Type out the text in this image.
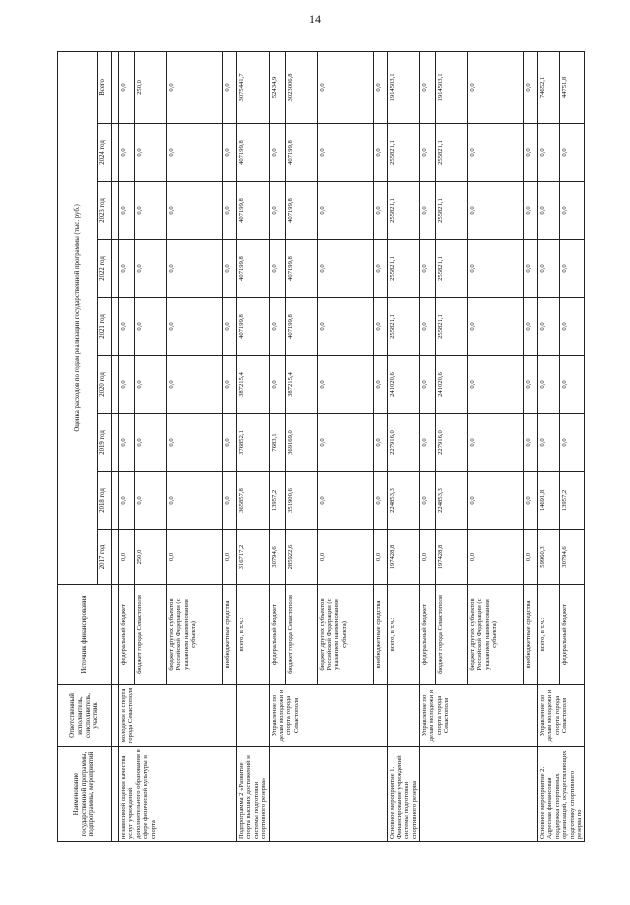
14
Наименование государственной программы, подпрограммы, мероприятий	Ответственный исполнитель, соисполнитель, участник	Источник финансирования	Оценка расходов по годам реализации государственной программы (тыс. руб.)								
			2017 год	2018 год	2019 год	2020 год	2021 год	2022 год	2023 год	2024 год	Всего

независимой оценки качества услуг учреждений дополнительного образования в сфере физической культуры и спорта	молодежи и спорта города Севастополя	федеральный бюджет	0,0	0,0	0,0	0,0	0,0	0,0	0,0	0,0	0,0
		бюджет города Севастополя	250,0	0,0	0,0	0,0	0,0	0,0	0,0	0,0	250,0
		бюджет других субъектов Российской Федерации (с указанием наименования субъекта)	0,0	0,0	0,0	0,0	0,0	0,0	0,0	0,0	0,0
		внебюджетные средства	0,0	0,0	0,0	0,0	0,0	0,0	0,0	0,0	0,0
Подпрограмма 2 «Развитие спорта высших достижений и системы подготовки спортивного резерва»		всего, в т.ч.:	316717,2	365857,8	376852,1	387215,4	407199,8	407199,8	407199,8	407199,8	3075441,7
	Управление по делам молодежи и спорта города Севастополя	федеральный бюджет	30794,6	13957,2	7683,1	0,0	0,0	0,0	0,0	0,0	52434,9
		бюджет города Севастополя	285922,6	351900,6	369169,0	387215,4	407199,8	407199,8	407199,8	407199,8	3023006,8
		бюджет других субъектов Российской Федерации (с указанием наименования субъекта)	0,0	0,0	0,0	0,0	0,0	0,0	0,0	0,0	0,0
		внебюджетные средства	0,0	0,0	0,0	0,0	0,0	0,0	0,0	0,0	0,0
Основное мероприятие 1. Финансирование учреждений системы подготовки спортивного резерва		всего, в т.ч.:	197428,8	224853,3	227916,0	241020,6	255821,1	255821,1	255821,1	255821,1	1914503,1
	Управление по делам молодежи и спорта города Севастополя	федеральный бюджет	0,0	0,0	0,0	0,0	0,0	0,0	0,0	0,0	0,0
		бюджет города Севастополя	197428,8	224853,3	227916,0	241020,6	255821,1	255821,1	255821,1	255821,1	1914503,1
		бюджет других субъектов Российской Федерации (с указанием наименования субъекта)	0,0	0,0	0,0	0,0	0,0	0,0	0,0	0,0	0,0
		внебюджетные средства	0,0	0,0	0,0	0,0	0,0	0,0	0,0	0,0	0,0
Основное мероприятие 2. Адресная финансовая поддержка спортивных организаций, осуществляющих подготовку спортивного резерва по	Управление по делам молодежи и спорта города Севастополя	всего, в т.ч.:	59960,3	14691,8	0,0	0,0	0,0	0,0	0,0	0,0	74652,1
		федеральный бюджет	30794,6	13957,2	0,0	0,0	0,0	0,0	0,0	0,0	44751,8
